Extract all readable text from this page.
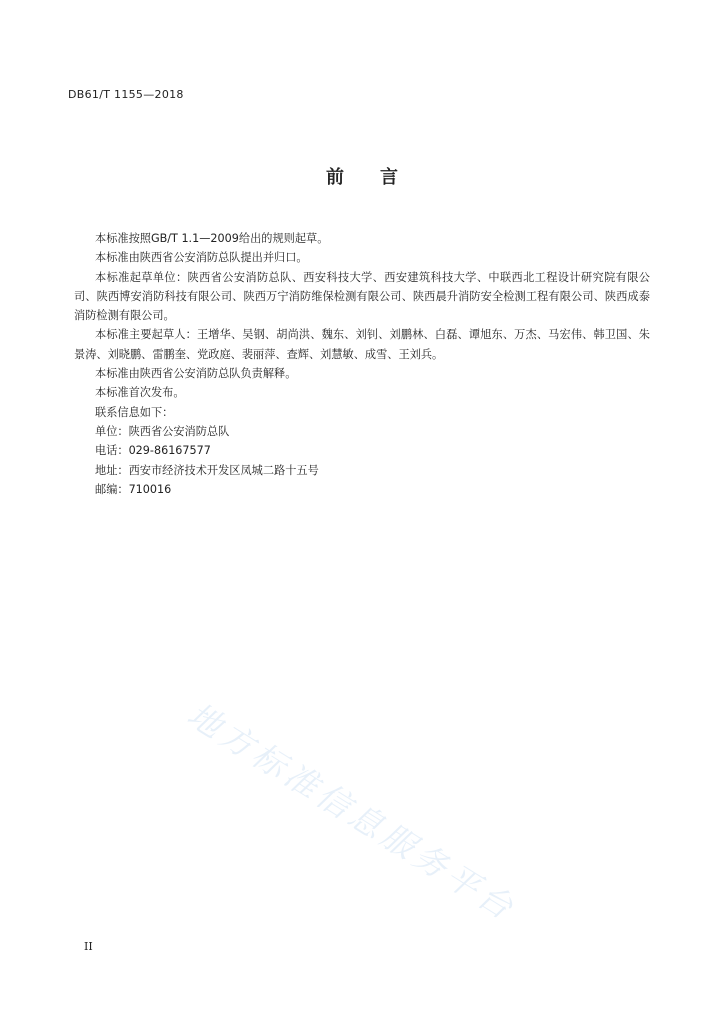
DB61/T 1155—2018
前 言

本标准按照GB/T 1.1—2009给出的规则起草。

本标准由陕西省公安消防总队提出并归口。

本标准起草单位：陕西省公安消防总队、西安科技大学、西安建筑科技大学、中联西北工程设计研究院有限公司、陕西博安消防科技有限公司、陕西万宁消防维保检测有限公司、陕西晨升消防安全检测工程有限公司、陕西成泰消防检测有限公司。

本标准主要起草人：王增华、吴钢、胡尚洪、魏东、刘钊、刘鹏林、白磊、谭旭东、万杰、马宏伟、韩卫国、朱景涛、刘晓鹏、雷鹏奎、党政庭、裴丽萍、查辉、刘慧敏、成雪、王刘兵。

本标准由陕西省公安消防总队负责解释。

本标准首次发布。

联系信息如下：

单位：陕西省公安消防总队

电话：029-86167577

地址：西安市经济技术开发区凤城二路十五号

邮编：710016

地方标准信息服务平台
II
